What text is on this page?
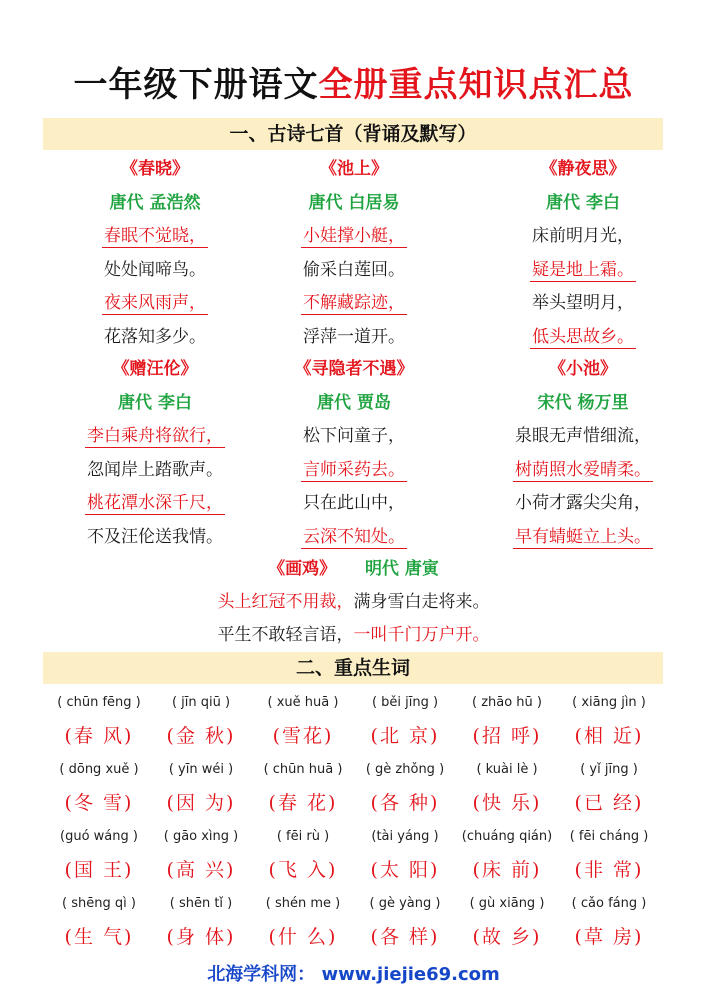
一年级下册语文全册重点知识点汇总
一、古诗七首（背诵及默写）
《春晓》
唐代 孟浩然
春眠不觉晓，
处处闻啼鸟。
夜来风雨声，
花落知多少。
《池上》
唐代 白居易
小娃撑小艇，
偷采白莲回。
不解藏踪迹，
浮萍一道开。
《静夜思》
唐代 李白
床前明月光，
疑是地上霜。
举头望明月，
低头思故乡。
《赠汪伦》
唐代 李白
李白乘舟将欲行，
忽闻岸上踏歌声。
桃花潭水深千尺，
不及汪伦送我情。
《寻隐者不遇》
唐代 贾岛
松下问童子，
言师采药去。
只在此山中，
云深不知处。
《小池》
宋代 杨万里
泉眼无声惜细流，
树荫照水爱晴柔。
小荷才露尖尖角，
早有蜻蜓立上头。
《画鸡》 明代 唐寅
头上红冠不用裁，满身雪白走将来。
平生不敢轻言语，一叫千门万户开。
二、重点生词
( chūn fēng )
(春 风)
( jīn qiū )
(金 秋)
( xuě huā )
(雪花)
( běi jīng )
(北 京)
( zhāo hū )
(招 呼)
( xiāng jìn )
(相 近)
( dōng xuě )
(冬 雪)
( yīn wéi )
(因 为)
( chūn huā )
(春 花)
( gè zhǒng )
(各 种)
( kuài lè )
(快 乐)
( yǐ jīng )
(已 经)
(guó wáng )
(国 王)
( gāo xìng )
(高 兴)
( fēi rù )
(飞 入)
(tài yáng )
(太 阳)
(chuáng qián)
(床 前)
( fēi cháng )
(非 常)
( shēng qì )
(生 气)
( shēn tǐ )
(身 体)
( shén me )
(什 么)
( gè yàng )
(各 样)
( gù xiāng )
(故 乡)
( cǎo fáng )
(草 房)
北海学科网： www.jiejie69.com
